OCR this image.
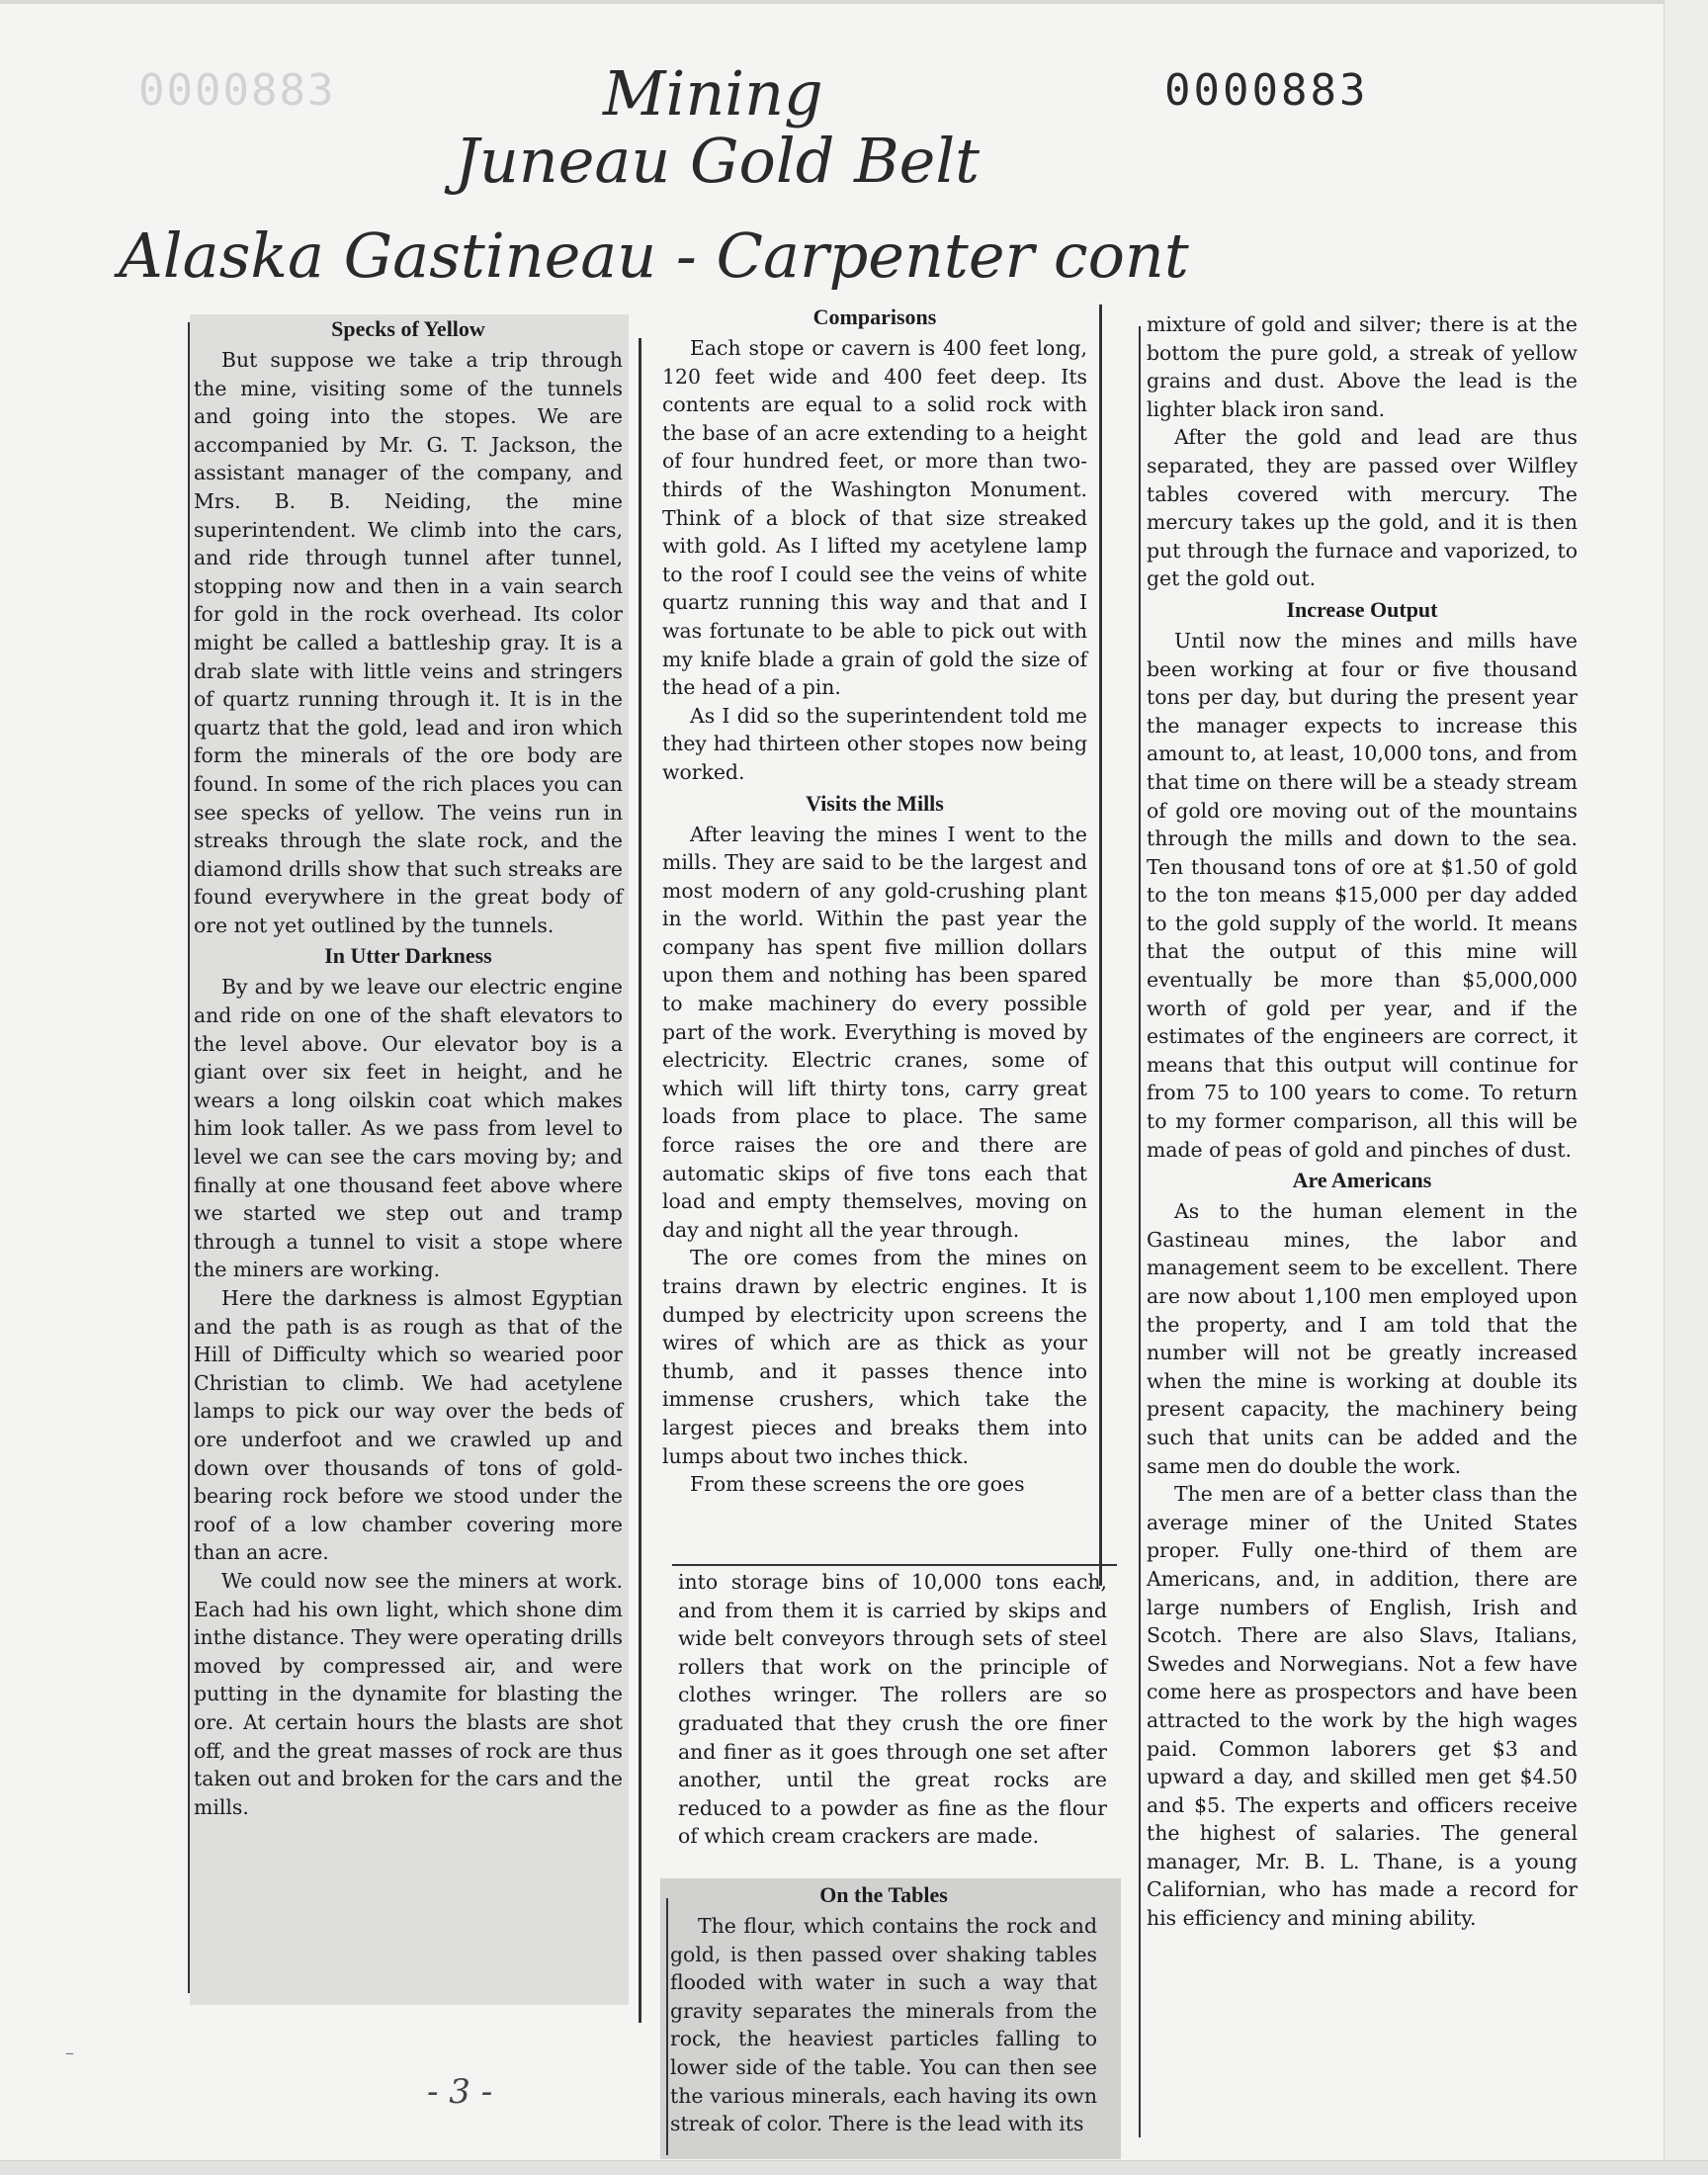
0000883	0000883
Mining
Juneau Gold Belt
Alaska Gastineau - Carpenter cont
Specks of Yellow

But suppose we take a trip through the mine, visiting some of the tunnels and going into the stopes. We are accompanied by Mr. G. T. Jackson, the assistant manager of the company, and Mrs. B. B. Neiding, the mine superintendent. We climb into the cars, and ride through tunnel after tunnel, stopping now and then in a vain search for gold in the rock overhead. Its color might be called a battleship gray. It is a drab slate with little veins and stringers of quartz running through it. It is in the quartz that the gold, lead and iron which form the minerals of the ore body are found. In some of the rich places you can see specks of yellow. The veins run in streaks through the slate rock, and the diamond drills show that such streaks are found everywhere in the great body of ore not yet outlined by the tunnels.

In Utter Darkness

By and by we leave our electric engine and ride on one of the shaft elevators to the level above. Our elevator boy is a giant over six feet in height, and he wears a long oilskin coat which makes him look taller. As we pass from level to level we can see the cars moving by; and finally at one thousand feet above where we started we step out and tramp through a tunnel to visit a stope where the miners are working.

Here the darkness is almost Egyptian and the path is as rough as that of the Hill of Difficulty which so wearied poor Christian to climb. We had acetylene lamps to pick our way over the beds of ore underfoot and we crawled up and down over thousands of tons of gold-bearing rock before we stood under the roof of a low chamber covering more than an acre.

We could now see the miners at work. Each had his own light, which shone dim inthe distance. They were operating drills moved by compressed air, and were putting in the dynamite for blasting the ore. At certain hours the blasts are shot off, and the great masses of rock are thus taken out and broken for the cars and the mills.

Comparisons

Each stope or cavern is 400 feet long, 120 feet wide and 400 feet deep. Its contents are equal to a solid rock with the base of an acre extending to a height of four hundred feet, or more than two-thirds of the Washington Monument. Think of a block of that size streaked with gold. As I lifted my acetylene lamp to the roof I could see the veins of white quartz running this way and that and I was fortunate to be able to pick out with my knife blade a grain of gold the size of the head of a pin.

As I did so the superintendent told me they had thirteen other stopes now being worked.

Visits the Mills

After leaving the mines I went to the mills. They are said to be the largest and most modern of any gold-crushing plant in the world. Within the past year the company has spent five million dollars upon them and nothing has been spared to make machinery do every possible part of the work. Everything is moved by electricity. Electric cranes, some of which will lift thirty tons, carry great loads from place to place. The same force raises the ore and there are automatic skips of five tons each that load and empty themselves, moving on day and night all the year through.

The ore comes from the mines on trains drawn by electric engines. It is dumped by electricity upon screens the wires of which are as thick as your thumb, and it passes thence into immense crushers, which take the largest pieces and breaks them into lumps about two inches thick.

From these screens the ore goes

into storage bins of 10,000 tons each, and from them it is carried by skips and wide belt conveyors through sets of steel rollers that work on the principle of clothes wringer. The rollers are so graduated that they crush the ore finer and finer as it goes through one set after another, until the great rocks are reduced to a powder as fine as the flour of which cream crackers are made.

On the Tables

The flour, which contains the rock and gold, is then passed over shaking tables flooded with water in such a way that gravity separates the minerals from the rock, the heaviest particles falling to lower side of the table. You can then see the various minerals, each having its own streak of color. There is the lead with its

mixture of gold and silver; there is at the bottom the pure gold, a streak of yellow grains and dust. Above the lead is the lighter black iron sand.

After the gold and lead are thus separated, they are passed over Wilfley tables covered with mercury. The mercury takes up the gold, and it is then put through the furnace and vaporized, to get the gold out.

Increase Output

Until now the mines and mills have been working at four or five thousand tons per day, but during the present year the manager expects to increase this amount to, at least, 10,000 tons, and from that time on there will be a steady stream of gold ore moving out of the mountains through the mills and down to the sea. Ten thousand tons of ore at $1.50 of gold to the ton means $15,000 per day added to the gold supply of the world. It means that the output of this mine will eventually be more than $5,000,000 worth of gold per year, and if the estimates of the engineers are correct, it means that this output will continue for from 75 to 100 years to come. To return to my former comparison, all this will be made of peas of gold and pinches of dust.

Are Americans

As to the human element in the Gastineau mines, the labor and management seem to be excellent. There are now about 1,100 men employed upon the property, and I am told that the number will not be greatly increased when the mine is working at double its present capacity, the machinery being such that units can be added and the same men do double the work.

The men are of a better class than the average miner of the United States proper. Fully one-third of them are Americans, and, in addition, there are large numbers of English, Irish and Scotch. There are also Slavs, Italians, Swedes and Norwegians. Not a few have come here as prospectors and have been attracted to the work by the high wages paid. Common laborers get $3 and upward a day, and skilled men get $4.50 and $5. The experts and officers receive the highest of salaries. The general manager, Mr. B. L. Thane, is a young Californian, who has made a record for his efficiency and mining ability.

- 3 -
–
